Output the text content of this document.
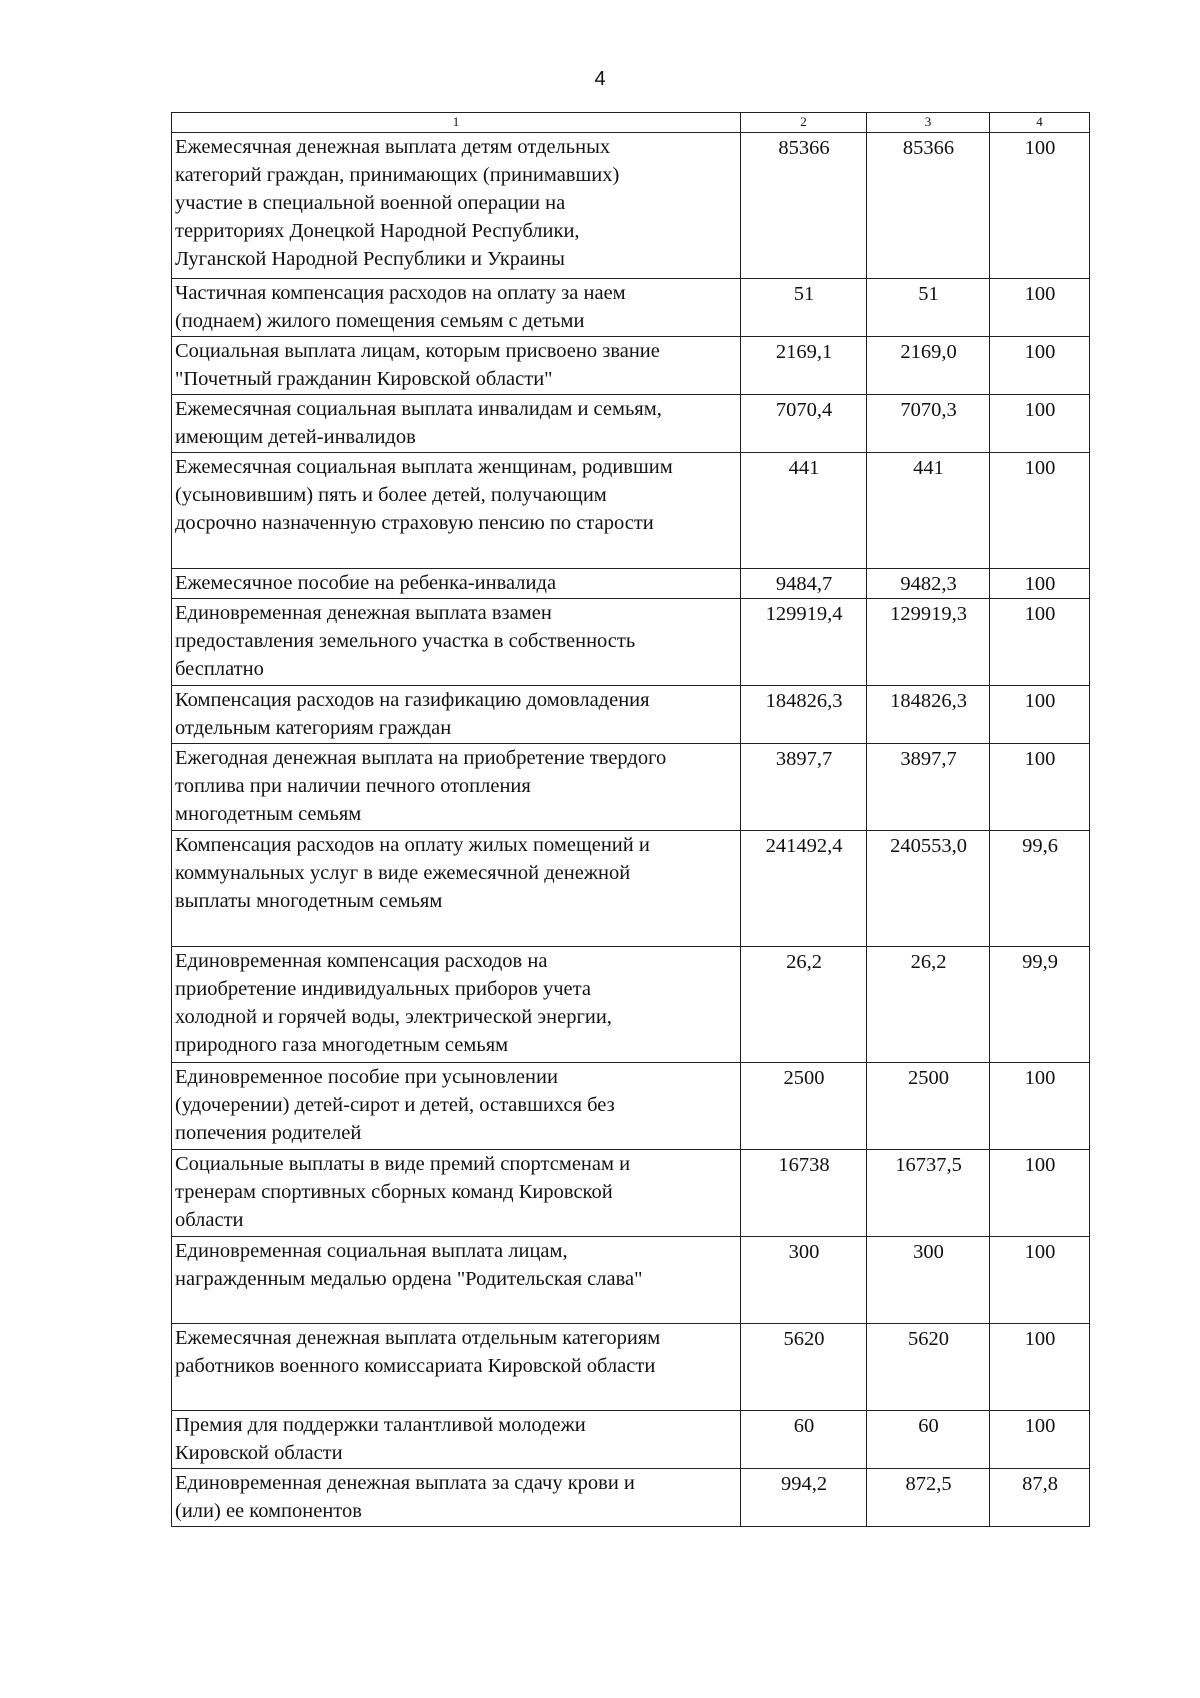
4
1	2	3	4
Ежемесячная денежная выплата детям отдельных
категорий граждан, принимающих (принимавших)
участие в специальной военной операции на
территориях Донецкой Народной Республики,
Луганской Народной Республики и Украины	85366	85366	100
Частичная компенсация расходов на оплату за наем
(поднаем) жилого помещения семьям с детьми	51	51	100
Социальная выплата лицам, которым присвоено звание
"Почетный гражданин Кировской области"	2169,1	2169,0	100
Ежемесячная социальная выплата инвалидам и семьям,
имеющим детей-инвалидов	7070,4	7070,3	100
Ежемесячная социальная выплата женщинам, родившим
(усыновившим) пять и более детей, получающим
досрочно назначенную страховую пенсию по старости	441	441	100
Ежемесячное пособие на ребенка-инвалида	9484,7	9482,3	100
Единовременная денежная выплата взамен
предоставления земельного участка в собственность
бесплатно	129919,4	129919,3	100
Компенсация расходов на газификацию домовладения
отдельным категориям граждан	184826,3	184826,3	100
Ежегодная денежная выплата на приобретение твердого
топлива при наличии печного отопления
многодетным семьям	3897,7	3897,7	100
Компенсация расходов на оплату жилых помещений и
коммунальных услуг в виде ежемесячной денежной
выплаты многодетным семьям	241492,4	240553,0	99,6
Единовременная компенсация расходов на
приобретение индивидуальных приборов учета
холодной и горячей воды, электрической энергии,
природного газа многодетным семьям	26,2	26,2	99,9
Единовременное пособие при усыновлении
(удочерении) детей-сирот и детей, оставшихся без
попечения родителей	2500	2500	100
Социальные выплаты в виде премий спортсменам и
тренерам спортивных сборных команд Кировской
области	16738	16737,5	100
Единовременная социальная выплата лицам,
награжденным медалью ордена "Родительская слава"	300	300	100
Ежемесячная денежная выплата отдельным категориям
работников военного комиссариата Кировской области	5620	5620	100
Премия для поддержки талантливой молодежи
Кировской области	60	60	100
Единовременная денежная выплата за сдачу крови и
(или) ее компонентов	994,2	872,5	87,8
